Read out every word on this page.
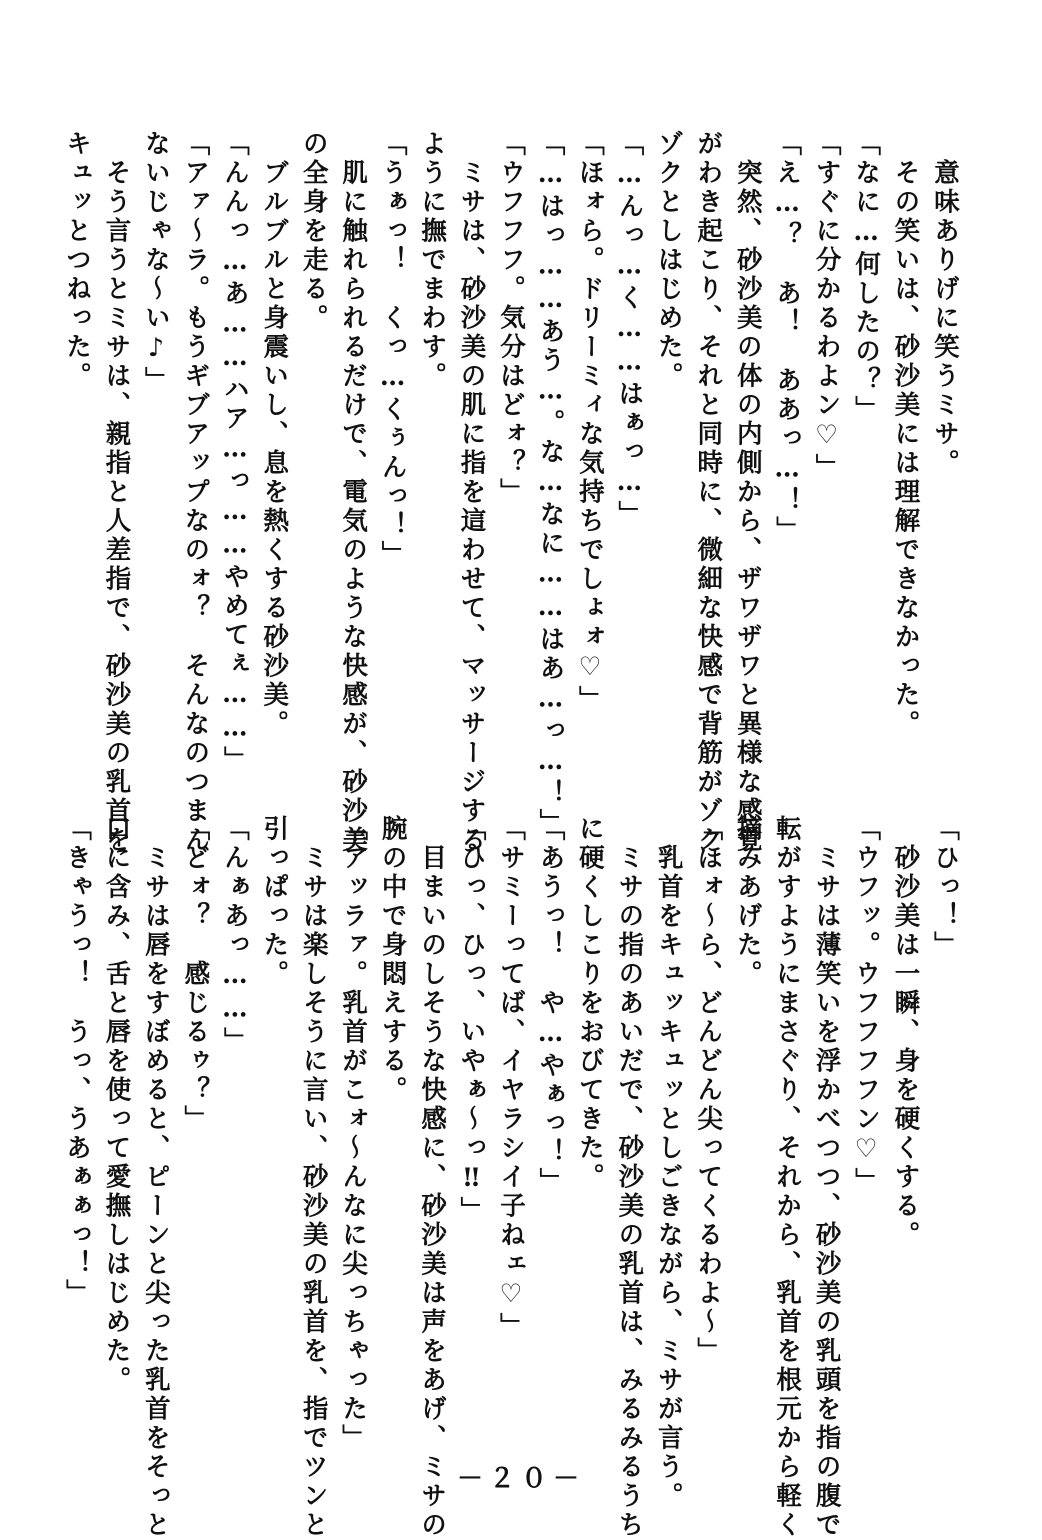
　意味ありげに笑うミサ。
　その笑いは、砂沙美には理解できなかった。
「なに…何したの？」
「すぐに分かるわよン♡」
「え…？　あ！　ああっ…！」
　突然、砂沙美の体の内側から、ザワザワと異様な感覚
がわき起こり、それと同時に、微細な快感で背筋がゾク
ゾクとしはじめた。
「…んっ…く……はぁっ…」
「ほォら。ドリーミィな気持ちでしょォ♡」
「…はっ……あう…。な…なに……はあ…っ…！」
「ウフフフ。気分はどォ？」
　ミサは、砂沙美の肌に指を這わせて、マッサージする
ように撫でまわす。
「うぁっ！　くっ…くぅんっ！」
　肌に触れられるだけで、電気のような快感が、砂沙美
の全身を走る。
　ブルブルと身震いし、息を熱くする砂沙美。
「んんっ…あ……ハア…っ……やめてぇ……」
「アァ～ラ。もうギブアップなのォ？　そんなのつまん
ないじゃな～い♪」
　そう言うとミサは、親指と人差指で、砂沙美の乳首を
キュッとつねった。
「ひっ！」
　砂沙美は一瞬、身を硬くする。
「ウフッ。ウフフフフン♡」
　ミサは薄笑いを浮かべつつ、砂沙美の乳頭を指の腹で
転がすようにまさぐり、それから、乳首を根元から軽く
摘みあげた。
「ほォ～ら、どんどん尖ってくるわよ～」
　乳首をキュッキュッとしごきながら、ミサが言う。
　ミサの指のあいだで、砂沙美の乳首は、みるみるうち
に硬くしこりをおびてきた。
「あうっ！　や…やぁっ！」
「サミーってば、イヤラシイ子ねェ♡」
「ひっ、ひっ、いやぁ～っ‼」
　目まいのしそうな快感に、砂沙美は声をあげ、ミサの
腕の中で身悶えする。
「アッラァ。乳首がこォ～んなに尖っちゃった」
　ミサは楽しそうに言い、砂沙美の乳首を、指でツンと
引っぱった。
「んぁあっ……」
「どォ？　感じるゥ？」
　ミサは唇をすぼめると、ピーンと尖った乳首をそっと
口に含み、舌と唇を使って愛撫しはじめた。
「きゃうっ！　うっ、うあぁぁっ！」
－２０－
